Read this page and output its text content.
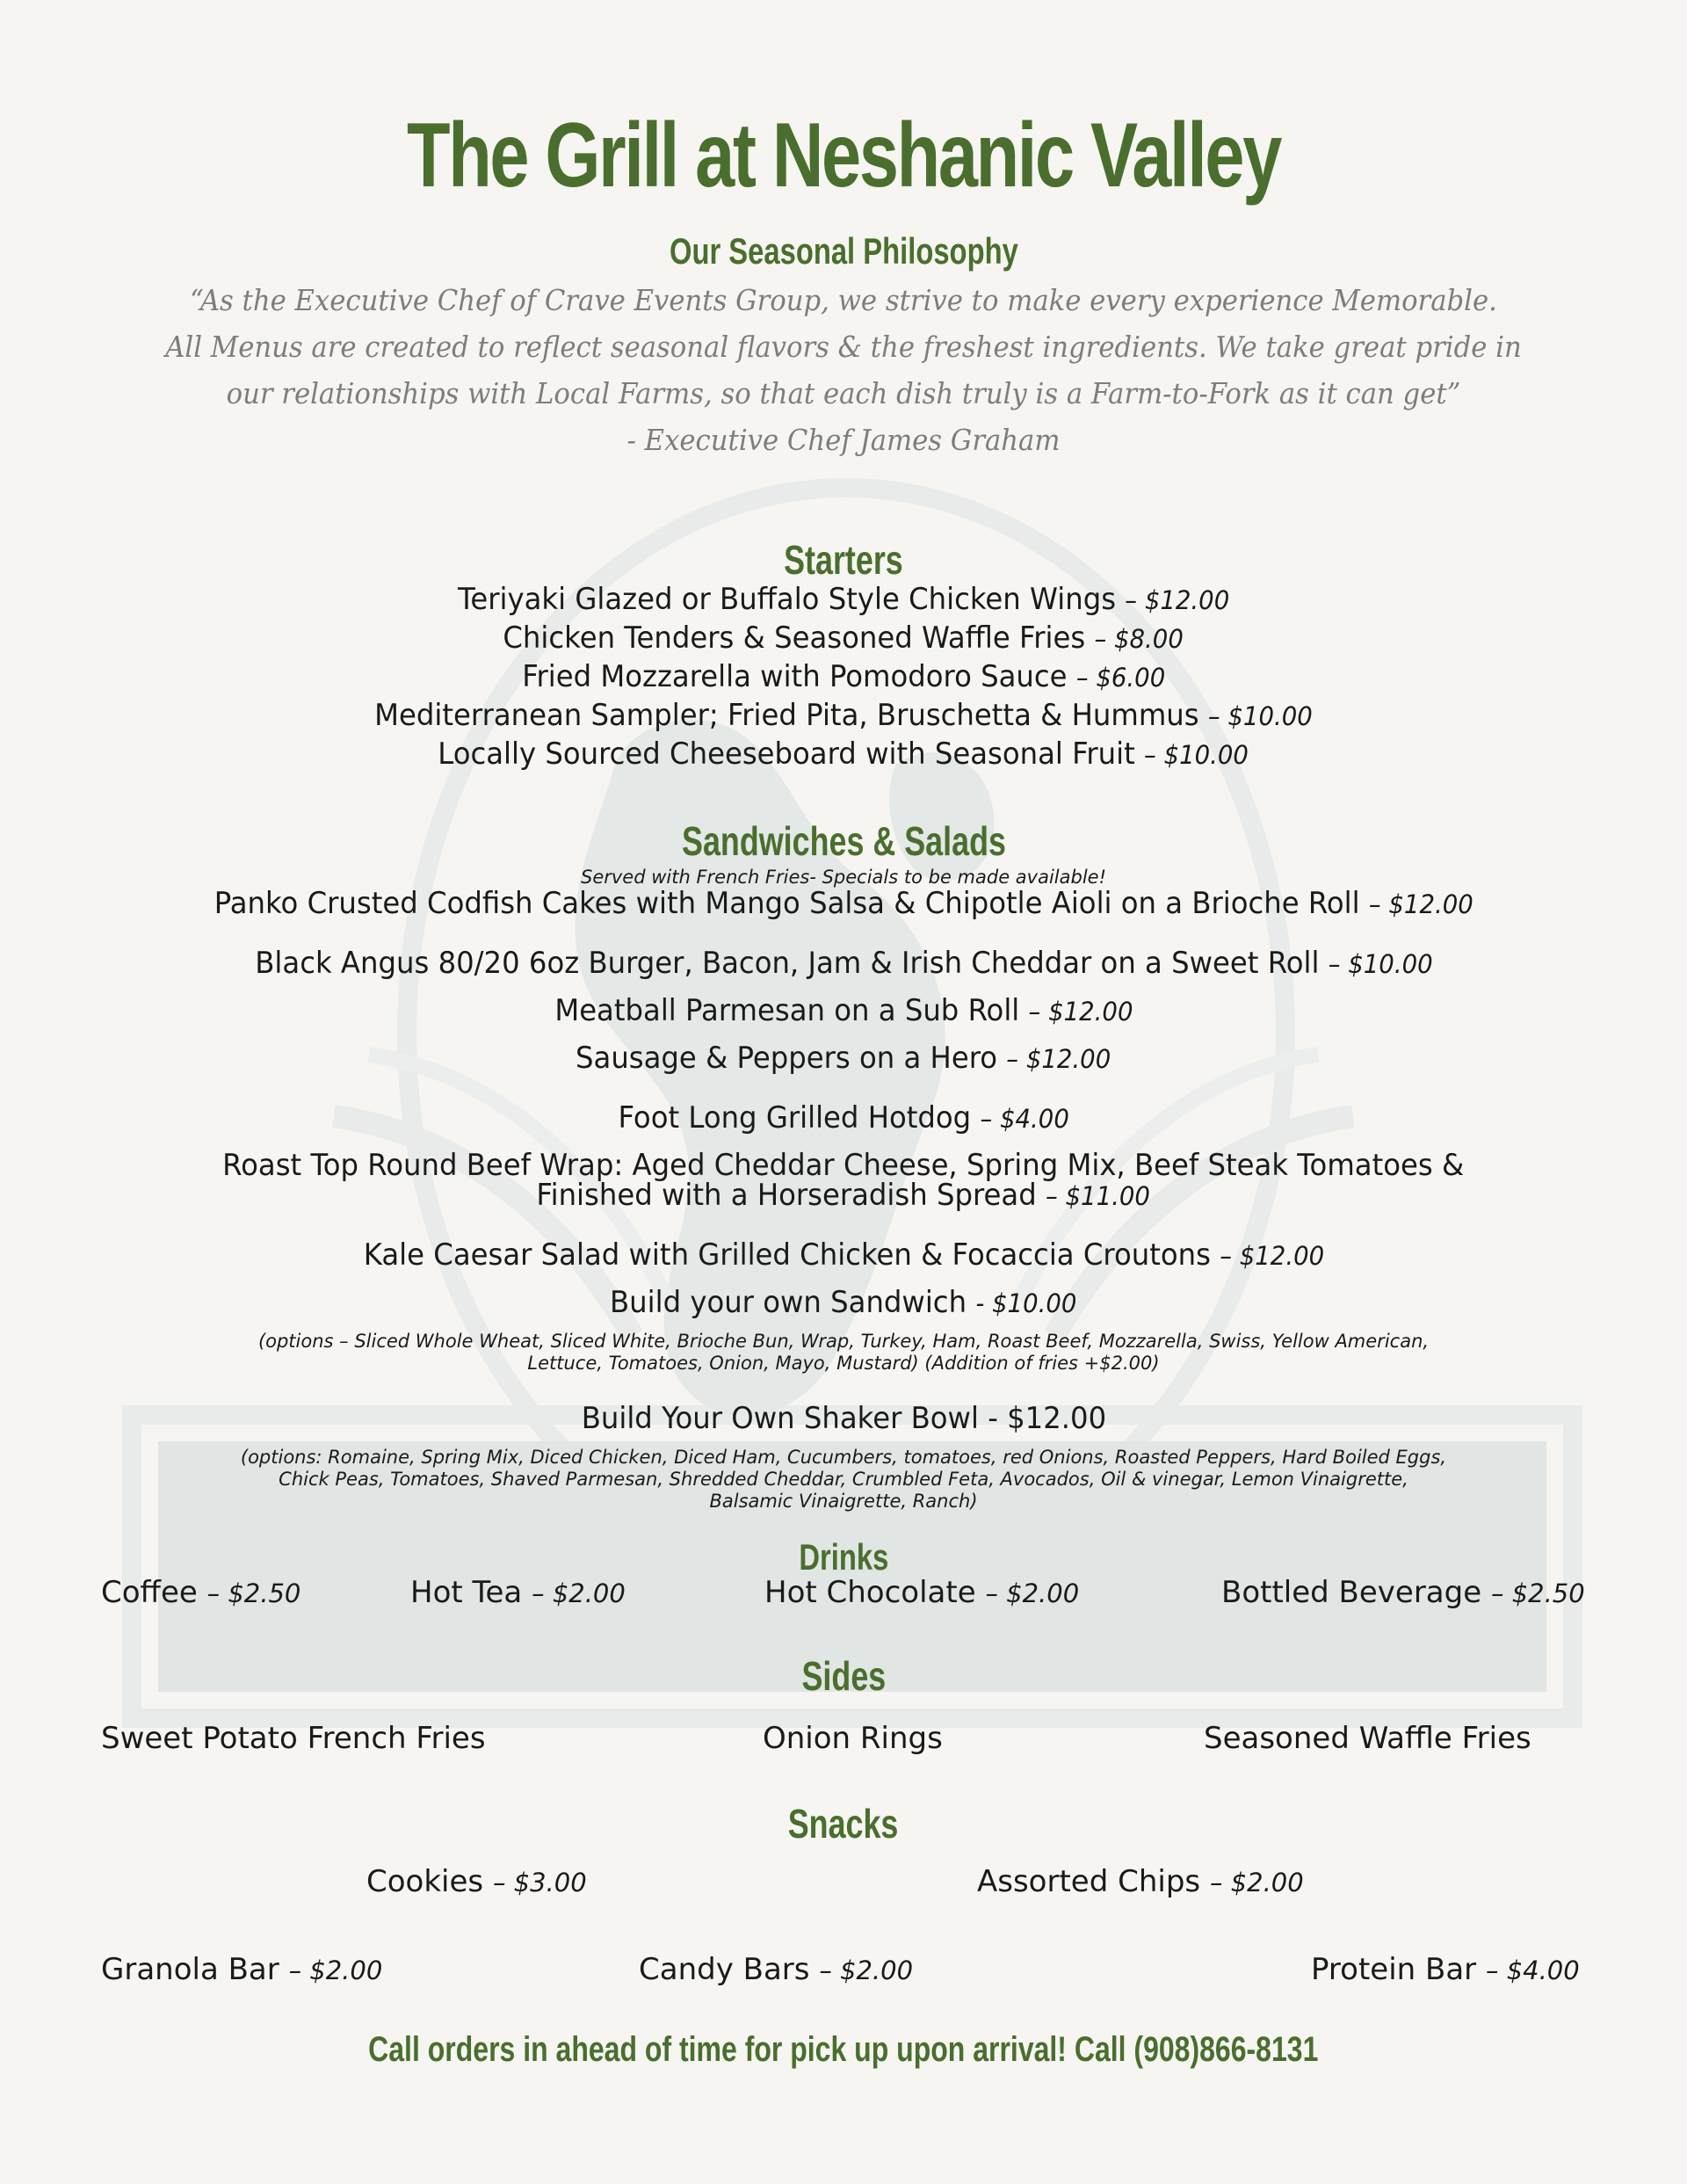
The Grill at Neshanic Valley
Our Seasonal Philosophy
“As the Executive Chef of Crave Events Group, we strive to make every experience Memorable.
All Menus are created to reflect seasonal flavors & the freshest ingredients. We take great pride in
our relationships with Local Farms, so that each dish truly is a Farm-to-Fork as it can get”
- Executive Chef James Graham
Starters
Teriyaki Glazed or Buffalo Style Chicken Wings – $12.00
Chicken Tenders & Seasoned Waffle Fries – $8.00
Fried Mozzarella with Pomodoro Sauce – $6.00
Mediterranean Sampler; Fried Pita, Bruschetta & Hummus – $10.00
Locally Sourced Cheeseboard with Seasonal Fruit – $10.00
Sandwiches & Salads
Served with French Fries- Specials to be made available!
Panko Crusted Codfish Cakes with Mango Salsa & Chipotle Aioli on a Brioche Roll – $12.00
Black Angus 80/20 6oz Burger, Bacon, Jam & Irish Cheddar on a Sweet Roll – $10.00
Meatball Parmesan on a Sub Roll – $12.00
Sausage & Peppers on a Hero – $12.00
Foot Long Grilled Hotdog – $4.00
Roast Top Round Beef Wrap: Aged Cheddar Cheese, Spring Mix, Beef Steak Tomatoes &
Finished with a Horseradish Spread – $11.00
Kale Caesar Salad with Grilled Chicken & Focaccia Croutons – $12.00
Build your own Sandwich - $10.00
(options – Sliced Whole Wheat, Sliced White, Brioche Bun, Wrap, Turkey, Ham, Roast Beef, Mozzarella, Swiss, Yellow American,
Lettuce, Tomatoes, Onion, Mayo, Mustard) (Addition of fries +$2.00)
Build Your Own Shaker Bowl - $12.00
(options: Romaine, Spring Mix, Diced Chicken, Diced Ham, Cucumbers, tomatoes, red Onions, Roasted Peppers, Hard Boiled Eggs,
Chick Peas, Tomatoes, Shaved Parmesan, Shredded Cheddar, Crumbled Feta, Avocados, Oil & vinegar, Lemon Vinaigrette,
Balsamic Vinaigrette, Ranch)
Drinks
Coffee – $2.50	Hot Tea – $2.00	Hot Chocolate – $2.00	Bottled Beverage – $2.50
Sides
Sweet Potato French Fries	Onion Rings	Seasoned Waffle Fries
Snacks
Cookies – $3.00	Assorted Chips – $2.00
Granola Bar – $2.00	Candy Bars – $2.00	Protein Bar – $4.00
Call orders in ahead of time for pick up upon arrival! Call (908)866-8131
